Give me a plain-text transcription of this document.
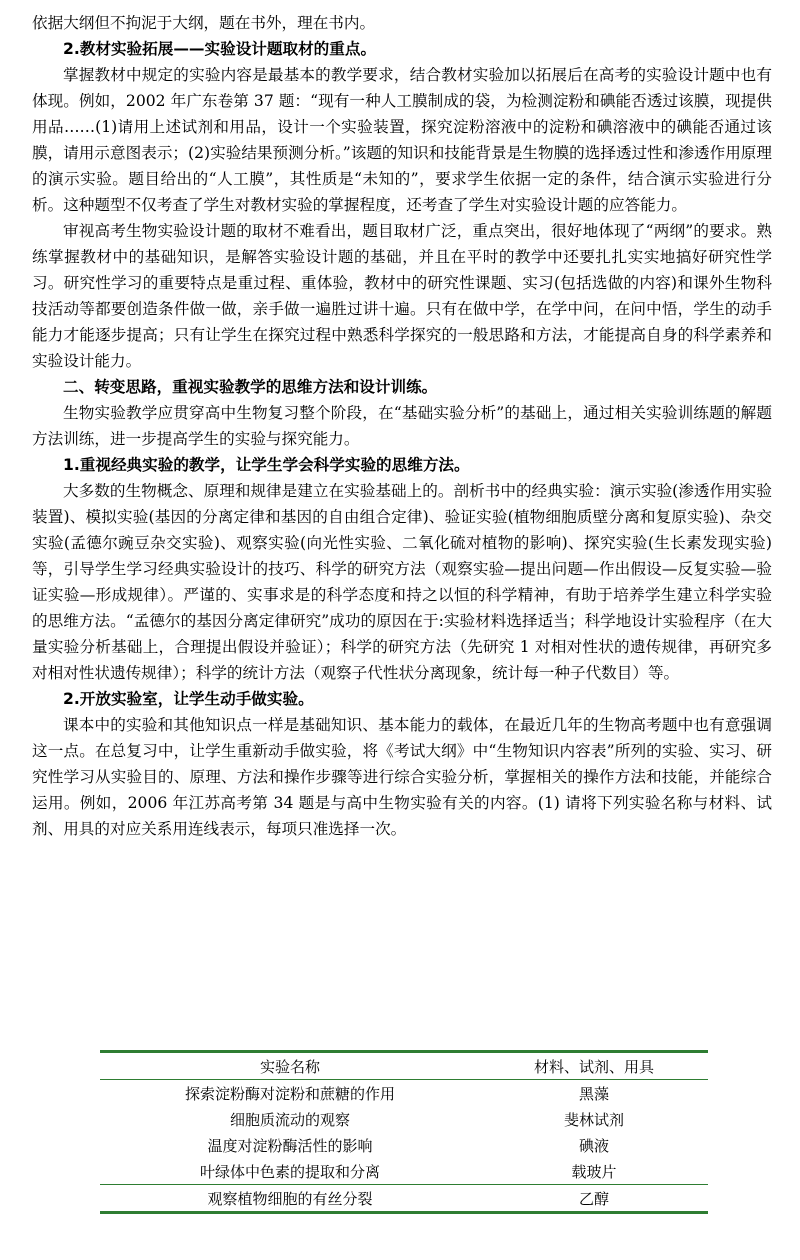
依据大纲但不拘泥于大纲，题在书外，理在书内。

2.教材实验拓展——实验设计题取材的重点。

掌握教材中规定的实验内容是最基本的教学要求，结合教材实验加以拓展后在高考的实验设计题中也有体现。例如，2002 年广东卷第 37 题：“现有一种人工膜制成的袋，为检测淀粉和碘能否透过该膜，现提供用品……(1)请用上述试剂和用品，设计一个实验装置，探究淀粉溶液中的淀粉和碘溶液中的碘能否通过该膜，请用示意图表示；(2)实验结果预测分析。”该题的知识和技能背景是生物膜的选择透过性和渗透作用原理的演示实验。题目给出的“人工膜”，其性质是“未知的”，要求学生依据一定的条件，结合演示实验进行分析。这种题型不仅考查了学生对教材实验的掌握程度，还考查了学生对实验设计题的应答能力。

审视高考生物实验设计题的取材不难看出，题目取材广泛，重点突出，很好地体现了“两纲”的要求。熟练掌握教材中的基础知识，是解答实验设计题的基础，并且在平时的教学中还要扎扎实实地搞好研究性学习。研究性学习的重要特点是重过程、重体验，教材中的研究性课题、实习(包括选做的内容)和课外生物科技活动等都要创造条件做一做，亲手做一遍胜过讲十遍。只有在做中学，在学中问，在问中悟，学生的动手能力才能逐步提高；只有让学生在探究过程中熟悉科学探究的一般思路和方法，才能提高自身的科学素养和实验设计能力。

二、转变思路，重视实验教学的思维方法和设计训练。

生物实验教学应贯穿高中生物复习整个阶段，在“基础实验分析”的基础上，通过相关实验训练题的解题方法训练，进一步提高学生的实验与探究能力。

1.重视经典实验的教学，让学生学会科学实验的思维方法。

大多数的生物概念、原理和规律是建立在实验基础上的。剖析书中的经典实验：演示实验(渗透作用实验装置)、模拟实验(基因的分离定律和基因的自由组合定律)、验证实验(植物细胞质壁分离和复原实验)、杂交实验(孟德尔豌豆杂交实验)、观察实验(向光性实验、二氧化硫对植物的影响)、探究实验(生长素发现实验)等，引导学生学习经典实验设计的技巧、科学的研究方法（观察实验—提出问题—作出假设—反复实验—验证实验—形成规律）。严谨的、实事求是的科学态度和持之以恒的科学精神，有助于培养学生建立科学实验的思维方法。“孟德尔的基因分离定律研究”成功的原因在于:实验材料选择适当；科学地设计实验程序（在大量实验分析基础上，合理提出假设并验证）；科学的研究方法（先研究 1 对相对性状的遗传规律，再研究多对相对性状遗传规律）；科学的统计方法（观察子代性状分离现象，统计每一种子代数目）等。

2.开放实验室，让学生动手做实验。

课本中的实验和其他知识点一样是基础知识、基本能力的载体，在最近几年的生物高考题中也有意强调这一点。在总复习中，让学生重新动手做实验，将《考试大纲》中“生物知识内容表”所列的实验、实习、研究性学习从实验目的、原理、方法和操作步骤等进行综合实验分析，掌握相关的操作方法和技能，并能综合运用。例如，2006 年江苏高考第 34 题是与高中生物实验有关的内容。(1) 请将下列实验名称与材料、试剂、用具的对应关系用连线表示，每项只准选择一次。

实验名称	材料、试剂、用具
探索淀粉酶对淀粉和蔗糖的作用	黑藻
细胞质流动的观察	斐林试剂
温度对淀粉酶活性的影响	碘液
叶绿体中色素的提取和分离	载玻片
观察植物细胞的有丝分裂	乙醇
